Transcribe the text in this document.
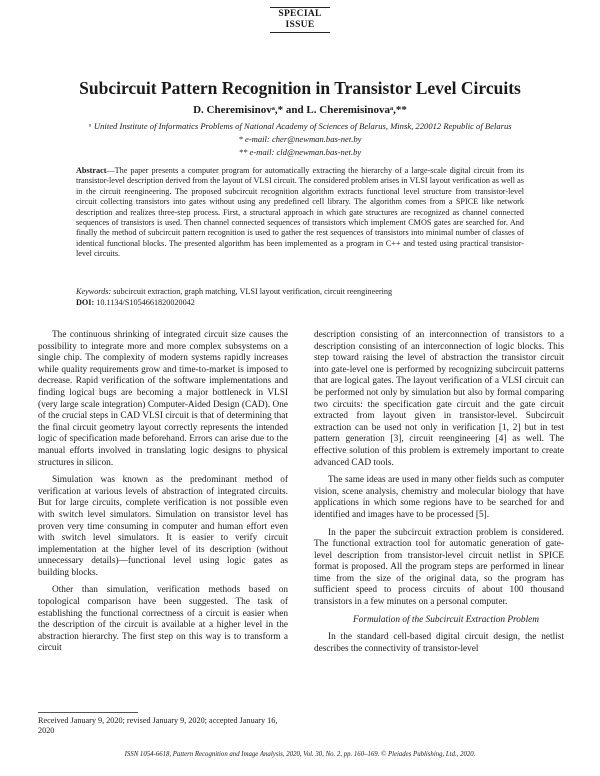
SPECIAL
ISSUE
Subcircuit Pattern Recognition in Transistor Level Circuits
D. Cheremisinovᵃ,* and L. Cheremisinovaᵃ,**
ᵃ United Institute of Informatics Problems of National Academy of Sciences of Belarus, Minsk, 220012 Republic of Belarus
* e-mail: cher@newman.bas-net.by
** e-mail: cld@newman.bas-net.by
Abstract—The paper presents a computer program for automatically extracting the hierarchy of a large-scale digital circuit from its transistor-level description derived from the layout of VLSI circuit. The considered problem arises in VLSI layout verification as well as in the circuit reengineering. The proposed subcircuit recognition algorithm extracts functional level structure from transistor-level circuit collecting transistors into gates without using any predefined cell library. The algorithm comes from a SPICE like network description and realizes three-step process. First, a structural approach in which gate structures are recognized as channel connected sequences of transistors is used. Then channel connected sequences of transistors which implement CMOS gates are searched for. And finally the method of subcircuit pattern recognition is used to gather the rest sequences of transistors into minimal number of classes of identical functional blocks. The presented algorithm has been implemented as a program in C++ and tested using practical transistor-level circuits.
Keywords: subcircuit extraction, graph matching, VLSI layout verification, circuit reengineering
DOI: 10.1134/S1054661820020042

The continuous shrinking of integrated circuit size causes the possibility to integrate more and more complex subsystems on a single chip. The complexity of modern systems rapidly increases while quality requirements grow and time-to-market is imposed to decrease. Rapid verification of the software implementations and finding logical bugs are becoming a major bottleneck in VLSI (very large scale integration) Computer-Aided Design (CAD). One of the crucial steps in CAD VLSI circuit is that of determining that the final circuit geometry layout correctly represents the intended logic of specification made beforehand. Errors can arise due to the manual efforts involved in translating logic designs to physical structures in silicon.

Simulation was known as the predominant method of verification at various levels of abstraction of integrated circuits. But for large circuits, complete verification is not possible even with switch level simulators. Simulation on transistor level has proven very time consuming in computer and human effort even with switch level simulators. It is easier to verify circuit implementation at the higher level of its description (without unnecessary details)—functional level using logic gates as building blocks.

Other than simulation, verification methods based on topological comparison have been suggested. The task of establishing the functional correctness of a circuit is easier when the description of the circuit is available at a higher level in the abstraction hierarchy. The first step on this way is to transform a circuit

description consisting of an interconnection of transistors to a description consisting of an interconnection of logic blocks. This step toward raising the level of abstraction the transistor circuit into gate-level one is performed by recognizing subcircuit patterns that are logical gates. The layout verification of a VLSI circuit can be performed not only by simulation but also by formal comparing two circuits: the specification gate circuit and the gate circuit extracted from layout given in transistor-level. Subcircuit extraction can be used not only in verification [1, 2] but in test pattern generation [3], circuit reengineering [4] as well. The effective solution of this problem is extremely important to create advanced CAD tools.

The same ideas are used in many other fields such as computer vision, scene analysis, chemistry and molecular biology that have applications in which some regions have to be searched for and identified and images have to be processed [5].

In the paper the subcircuit extraction problem is considered. The functional extraction tool for automatic generation of gate-level description from transistor-level circuit netlist in SPICE format is proposed. All the program steps are performed in linear time from the size of the original data, so the program has sufficient speed to process circuits of about 100 thousand transistors in a few minutes on a personal computer.

Formulation of the Subcircuit Extraction Problem

In the standard cell-based digital circuit design, the netlist describes the connectivity of transistor-level

Received January 9, 2020; revised January 9, 2020; accepted January 16, 2020
ISSN 1054-6618, Pattern Recognition and Image Analysis, 2020, Vol. 30, No. 2, pp. 160–169. © Pleiades Publishing, Ltd., 2020.
